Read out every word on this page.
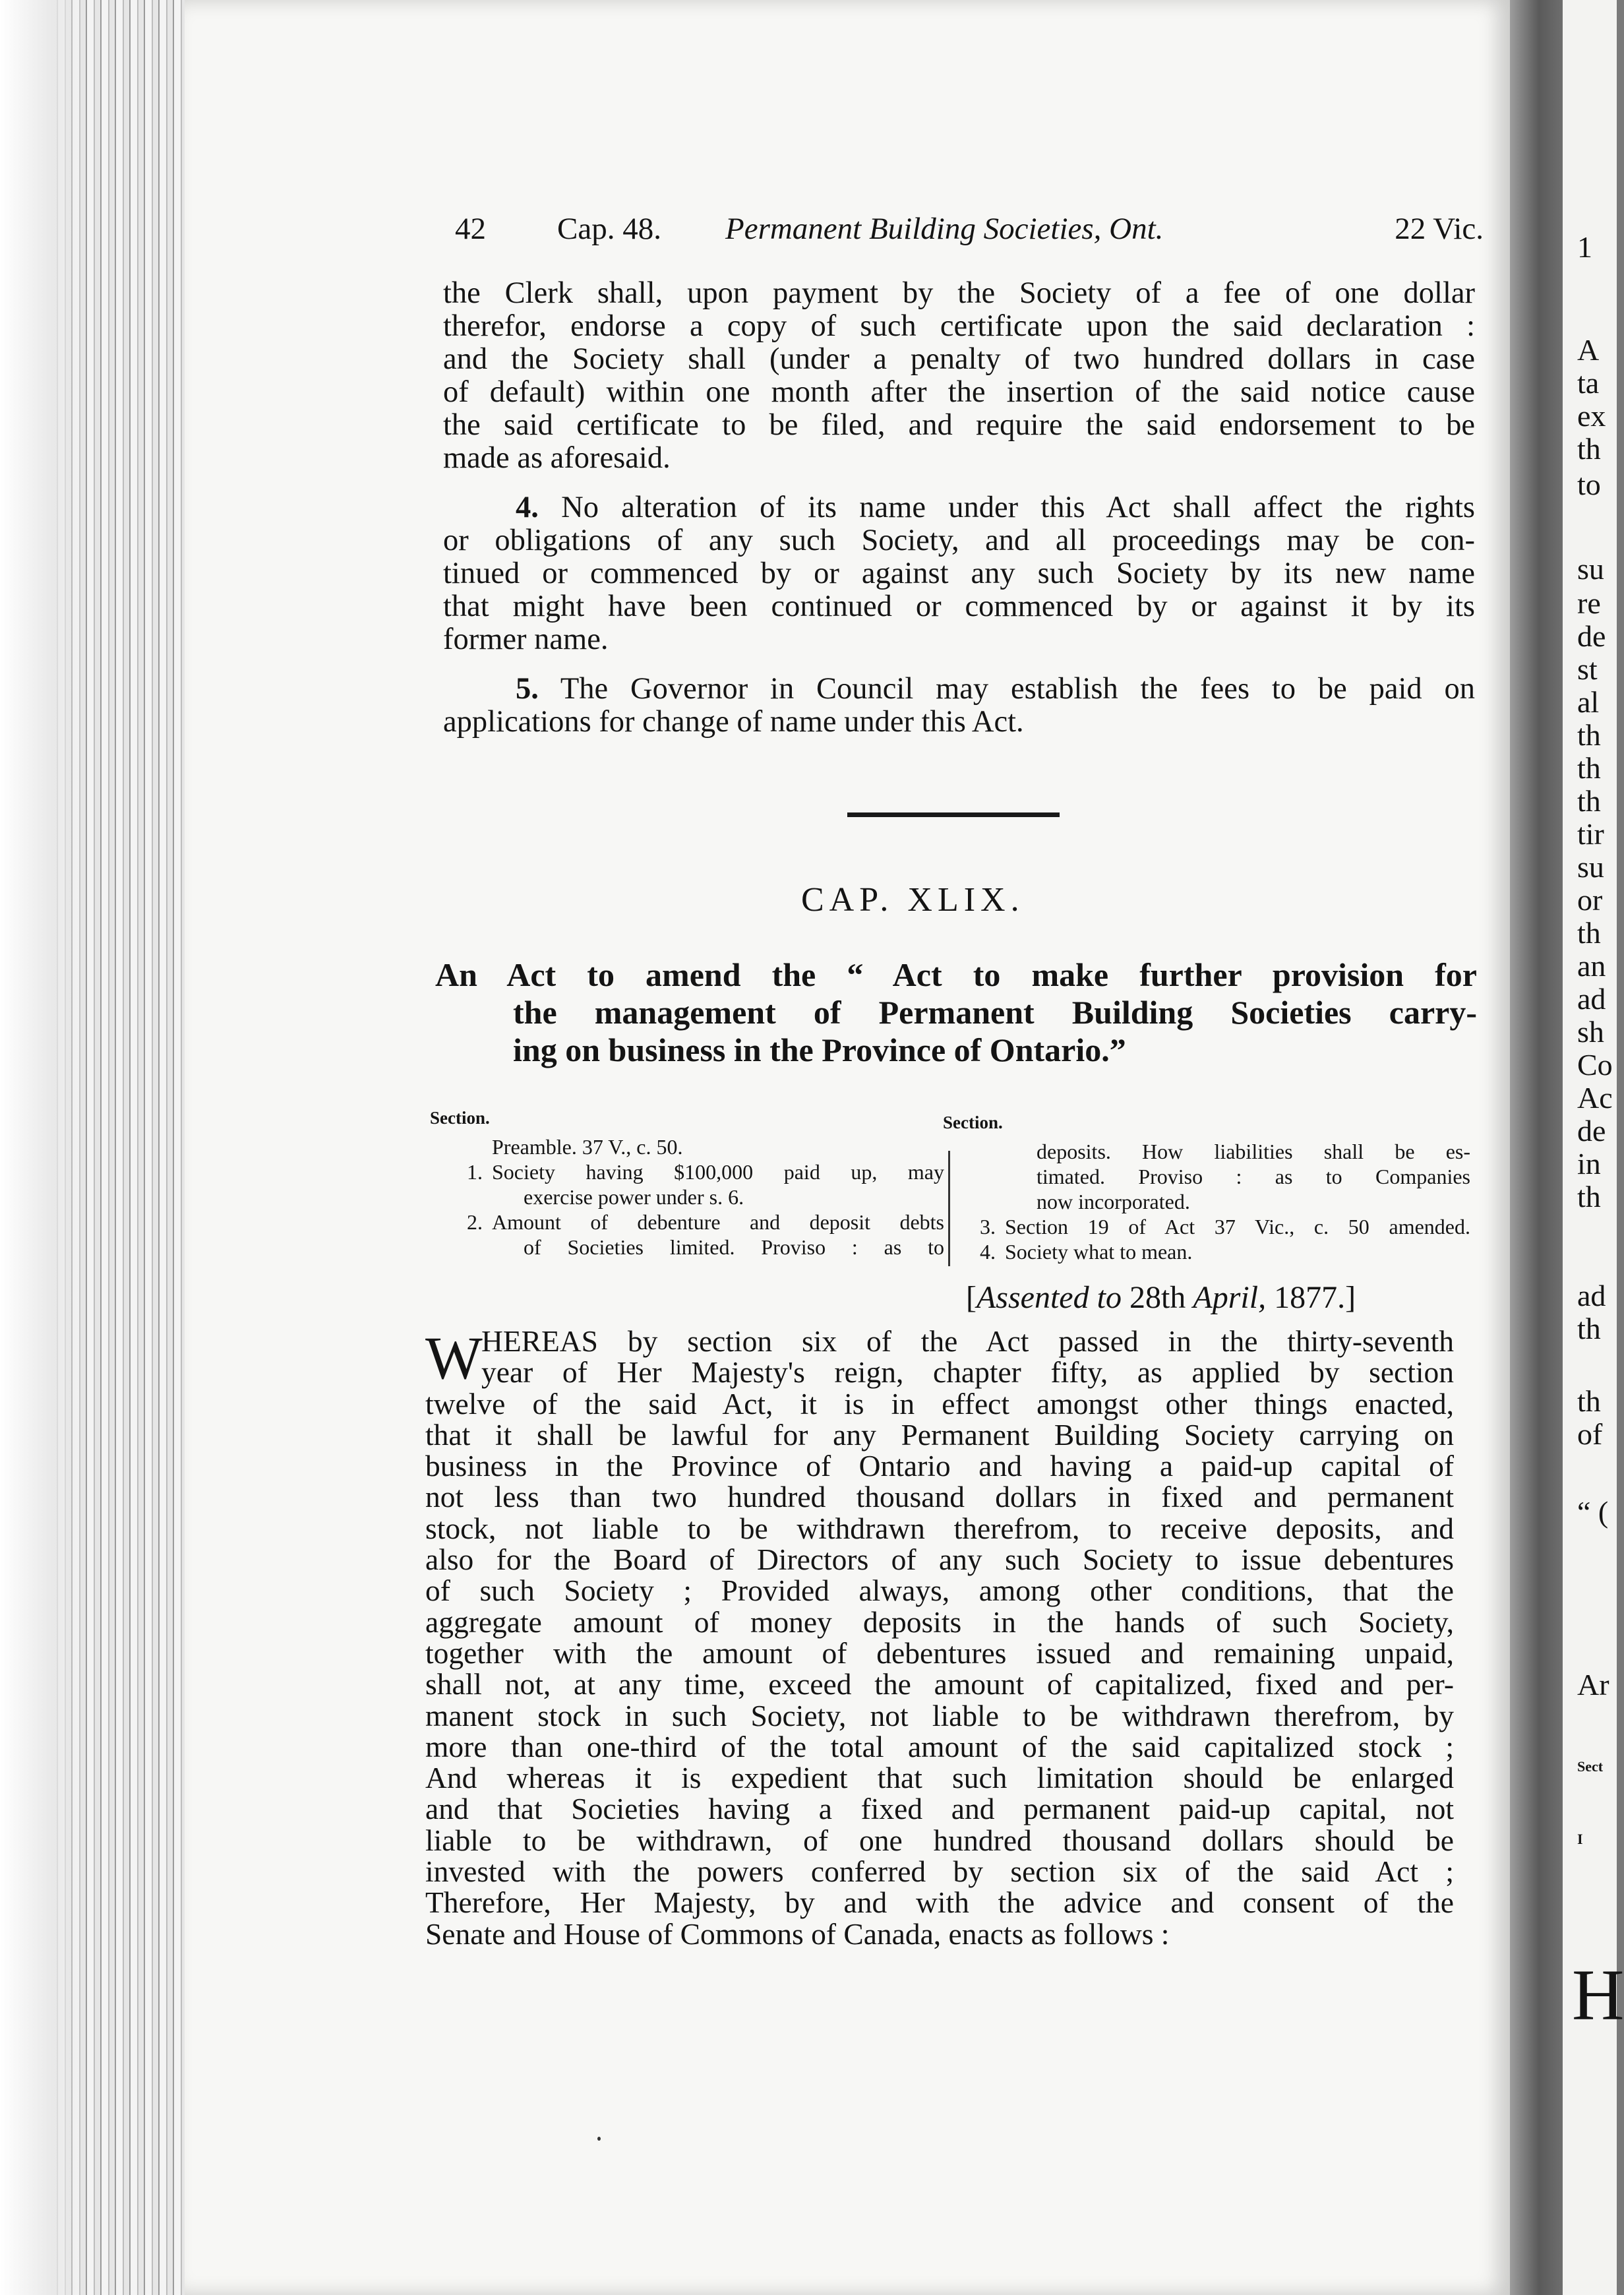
42 Cap. 48. Permanent Building Societies, Ont.	22 Vic.
the Clerk shall, upon payment by the Society of a fee of one dollar
therefor, endorse a copy of such certificate upon the said declaration :
and the Society shall (under a penalty of two hundred dollars in case
of default) within one month after the insertion of the said notice cause
the said certificate to be filed, and require the said endorsement to be
made as aforesaid.
4. No alteration of its name under this Act shall affect the rights
or obligations of any such Society, and all proceedings may be con-
tinued or commenced by or against any such Society by its new name
that might have been continued or commenced by or against it by its
former name.
5. The Governor in Council may establish the fees to be paid on
applications for change of name under this Act.
CAP. XLIX.
An Act to amend the “ Act to make further provision for
the management of Permanent Building Societies carry-
ing on business in the Province of Ontario.”
Section.
Preamble. 37 V., c. 50.
1. Society having $100,000 paid up, may
exercise power under s. 6.
2. Amount of debenture and deposit debts
of Societies limited. Proviso : as to
Section.
deposits. How liabilities shall be es-
timated. Proviso : as to Companies
now incorporated.
3. Section 19 of Act 37 Vic., c. 50 amended.
4. Society what to mean.
[Assented to 28th April, 1877.]
W
HEREAS by section six of the Act passed in the thirty-seventh
year of Her Majesty's reign, chapter fifty, as applied by section
twelve of the said Act, it is in effect amongst other things enacted,
that it shall be lawful for any Permanent Building Society carrying on
business in the Province of Ontario and having a paid-up capital of
not less than two hundred thousand dollars in fixed and permanent
stock, not liable to be withdrawn therefrom, to receive deposits, and
also for the Board of Directors of any such Society to issue debentures
of such Society ; Provided always, among other conditions, that the
aggregate amount of money deposits in the hands of such Society,
together with the amount of debentures issued and remaining unpaid,
shall not, at any time, exceed the amount of capitalized, fixed and per-
manent stock in such Society, not liable to be withdrawn therefrom, by
more than one-third of the total amount of the said capitalized stock ;
And whereas it is expedient that such limitation should be enlarged
and that Societies having a fixed and permanent paid-up capital, not
liable to be withdrawn, of one hundred thousand dollars should be
invested with the powers conferred by section six of the said Act ;
Therefore, Her Majesty, by and with the advice and consent of the
Senate and House of Commons of Canada, enacts as follows :
1
A
ta
ex
th
to
su
re
de
st
al
th
th
th
tir
su
or
th
an
ad
sh
Co
Ac
de
in
th
ad
th
th
of
“ (
Ar
Sect
I
H
